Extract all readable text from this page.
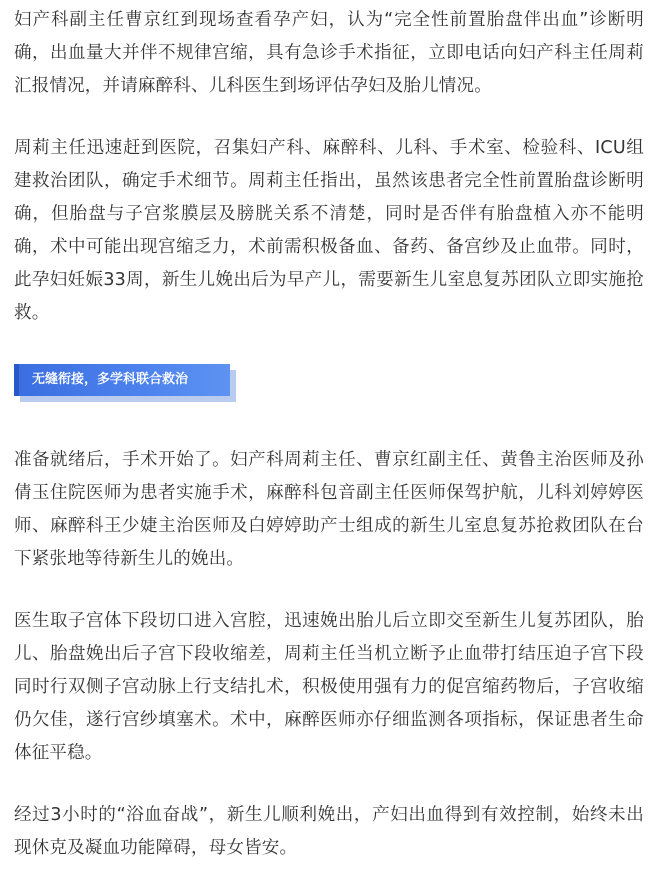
妇产科副主任曹京红到现场查看孕产妇，认为“完全性前置胎盘伴出血”诊断明确，出血量大并伴不规律宫缩，具有急诊手术指征，立即电话向妇产科主任周莉汇报情况，并请麻醉科、儿科医生到场评估孕妇及胎儿情况。

周莉主任迅速赶到医院，召集妇产科、麻醉科、儿科、手术室、检验科、ICU组建救治团队，确定手术细节。周莉主任指出，虽然该患者完全性前置胎盘诊断明确，但胎盘与子宫浆膜层及膀胱关系不清楚，同时是否伴有胎盘植入亦不能明确，术中可能出现宫缩乏力，术前需积极备血、备药、备宫纱及止血带。同时，此孕妇妊娠33周，新生儿娩出后为早产儿，需要新生儿室息复苏团队立即实施抢救。

无缝衔接，多学科联合救治

准备就绪后，手术开始了。妇产科周莉主任、曹京红副主任、黄鲁主治医师及孙倩玉住院医师为患者实施手术，麻醉科包音副主任医师保驾护航，儿科刘婷婷医师、麻醉科王少婕主治医师及白婷婷助产士组成的新生儿室息复苏抢救团队在台下紧张地等待新生儿的娩出。

医生取子宫体下段切口进入宫腔，迅速娩出胎儿后立即交至新生儿复苏团队，胎儿、胎盘娩出后子宫下段收缩差，周莉主任当机立断予止血带打结压迫子宫下段同时行双侧子宫动脉上行支结扎术，积极使用强有力的促宫缩药物后，子宫收缩仍欠佳，遂行宫纱填塞术。术中，麻醉医师亦仔细监测各项指标，保证患者生命体征平稳。

经过3小时的“浴血奋战”，新生儿顺利娩出，产妇出血得到有效控制，始终未出现休克及凝血功能障碍，母女皆安。
